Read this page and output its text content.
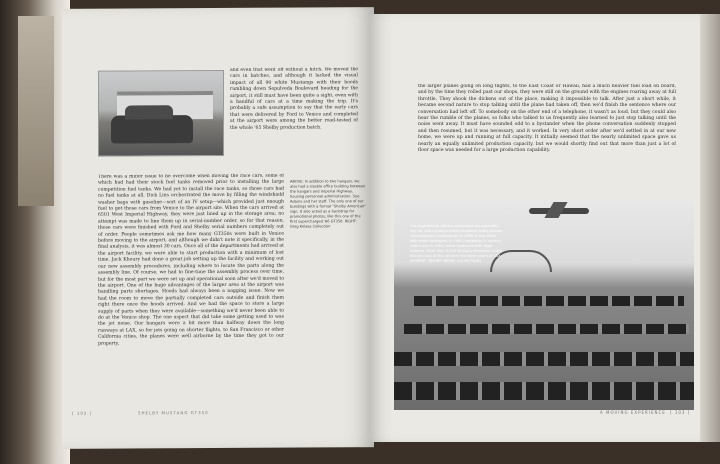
and even that went off without a hitch. We moved the cars in batches, and although it lacked the visual impact of all 90 white Mustangs with their hoods rumbling down Sepulveda Boulevard heading for the airport, it still must have been quite a sight, even with a handful of cars at a time making the trip. It's probably a safe assumption to say that the early cars that were delivered by Ford to Venice and completed at the airport were among the better road-tested of the whole '65 Shelby production batch.
There was a minor issue to be overcome when moving the race cars, some of which had had their stock fuel tanks removed prior to installing the large competition fuel tanks. We had yet to install the race tanks, so those cars had no fuel tanks at all. Dick Lins orchestrated the move by filling the windshield washer bags with gasoline—sort of an IV setup—which provided just enough fuel to get those cars from Venice to the airport site. When the cars arrived at 6501 West Imperial Highway, they were just lined up in the storage area; no attempt was made to line them up in serial-number order, so for that reason, those cars were finished with Ford and Shelby serial numbers completely out of order. People sometimes ask me how many GT350s were built in Venice before moving to the airport, and although we didn't note it specifically, in the final analysis, it was almost 30 cars. Once all of the departments had arrived at the airport facility, we were able to start production with a minimum of lost time. Jack Khoury had done a great job setting up the facility and working out our new assembly procedures, including where to locate the parts along the assembly line. Of course, we had to fine-tune the assembly process over time, but for the most part we were set up and operational soon after we'd moved to the airport. One of the huge advantages of the larger area at the airport was handling parts shortages. Hoods had always been a nagging issue. Now we had the room to move the partially completed cars outside and finish them right there once the hoods arrived. And we had the space to store a large supply of parts when they were available—something we'd never been able to do at the Venice shop. The one aspect that did take some getting used to was the jet noise. Our hangars were a bit more than halfway down the long runways at LAX, so for jets going on shorter flights, to San Francisco or other California cities, the planes were well airborne by the time they got to our property,
ABOVE: In addition to two hangars, we also had a sizable office building between the hangars and Imperial Highway, housing personnel administration. Sue Adams and her staff. The only one of our buildings with a formal "Shelby American" sign. It also acted as a backdrop for promotional photos, like this one of the first supercharged '66 GT350. RIGHT: Greg Kolasa Collection
[ 102 ]	SHELBY MUSTANG GT350
the larger planes going on long flights, to the East Coast or Hawaii, had a much heavier fuel load on board, and by the time they rolled past our shops, they were still on the ground with the engines roaring away at full throttle. They shook the dickens out of the place, making it impossible to talk. After just a short while, it became second nature to stop talking until the plane had taken off, then we'd finish the sentence where our conversation had left off. To somebody on the other end of a telephone, it wasn't as loud, but they could also hear the rumble of the planes, so folks who talked to us frequently also learned to just stop talking until the noise went away. It must have sounded odd to a bystander when the phone conversation suddenly stopped and then resumed, but it was necessary, and it worked. In very short order after we'd settled in at our new home, we were up and running at full capacity. It initially seemed that the nearly unlimited space gave us nearly an equally unlimited production capacity, but we would shortly find out that more than just a lot of floor space was needed for a large production capability.
Our engineering offices overlooked our assembly-line lot, and runways where airplanes make private conversations challenging. In 1966, it was filled with white fastbacks. In 1965, fastbacks in various colors and in 1967, some fastbacks with large engines. More than 5,000 Mustang fastbacks rolled into and out of this lot over the three years at LAX. (ROBERT "KNOBY" BEEBE COLLECTION)
A MOVING EXPERIENCE [ 103 ]
